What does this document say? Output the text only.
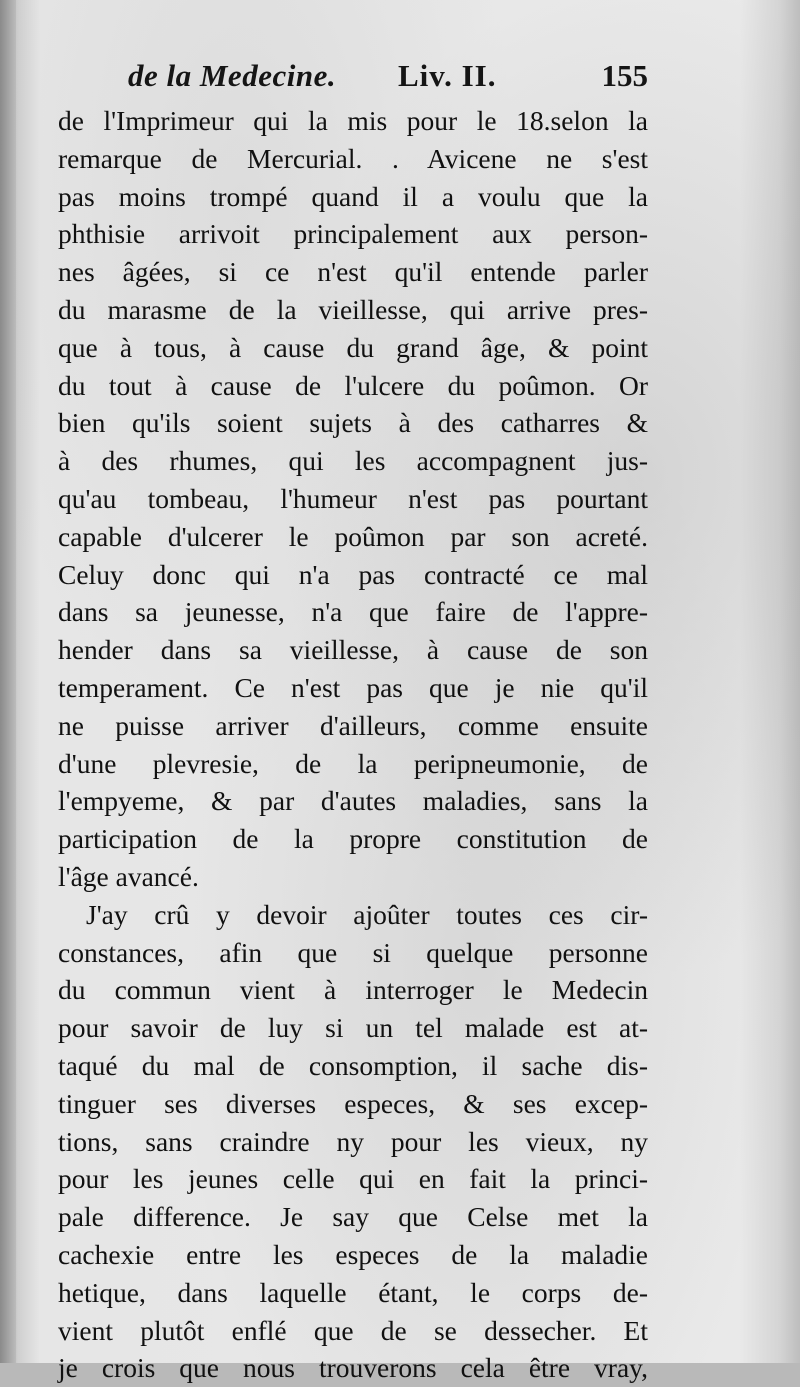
de la Medecine. Liv. II.	155
de l'Imprimeur qui la mis pour le 18.selon la
remarque de Mercurial. . Avicene ne s'est
pas moins trompé quand il a voulu que la
phthisie arrivoit principalement aux person-
nes âgées, si ce n'est qu'il entende parler
du marasme de la vieillesse, qui arrive pres-
que à tous, à cause du grand âge, & point
du tout à cause de l'ulcere du poûmon. Or
bien qu'ils soient sujets à des catharres &
à des rhumes, qui les accompagnent jus-
qu'au tombeau, l'humeur n'est pas pourtant
capable d'ulcerer le poûmon par son acreté.
Celuy donc qui n'a pas contracté ce mal
dans sa jeunesse, n'a que faire de l'appre-
hender dans sa vieillesse, à cause de son
temperament. Ce n'est pas que je nie qu'il
ne puisse arriver d'ailleurs, comme ensuite
d'une plevresie, de la peripneumonie, de
l'empyeme, & par d'autes maladies, sans la
participation de la propre constitution de
l'âge avancé.
J'ay crû y devoir ajoûter toutes ces cir-
constances, afin que si quelque personne
du commun vient à interroger le Medecin
pour savoir de luy si un tel malade est at-
taqué du mal de consomption, il sache dis-
tinguer ses diverses especes, & ses excep-
tions, sans craindre ny pour les vieux, ny
pour les jeunes celle qui en fait la princi-
pale difference. Je say que Celse met la
cachexie entre les especes de la maladie
hetique, dans laquelle étant, le corps de-
vient plutôt enflé que de se dessecher. Et
je crois que nous trouverons cela être vray,
